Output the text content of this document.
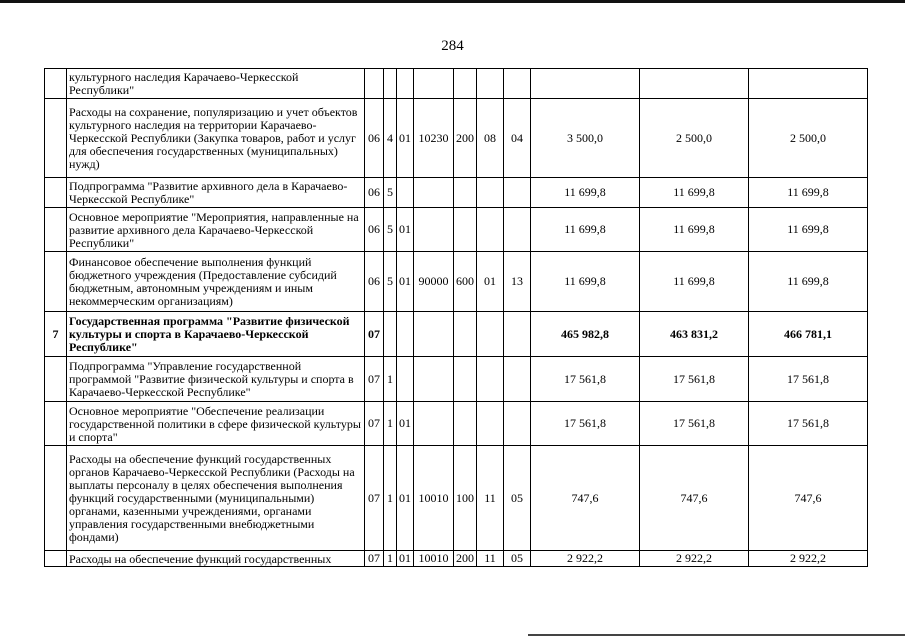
284
	культурного наследия Карачаево-Черкесской Республики"										
	Расходы на сохранение, популяризацию и учет объектов культурного наследия на территории Карачаево-Черкесской Республики (Закупка товаров, работ и услуг для обеспечения государственных (муниципальных) нужд)	06	4	01	10230	200	08	04	3 500,0	2 500,0	2 500,0
	Подпрограмма "Развитие архивного дела в Карачаево-Черкесской Республике"	06	5						11 699,8	11 699,8	11 699,8
	Основное мероприятие "Мероприятия, направленные на развитие архивного дела Карачаево-Черкесской Республики"	06	5	01					11 699,8	11 699,8	11 699,8
	Финансовое обеспечение выполнения функций бюджетного учреждения (Предоставление субсидий бюджетным, автономным учреждениям и иным некоммерческим организациям)	06	5	01	90000	600	01	13	11 699,8	11 699,8	11 699,8
7	Государственная программа "Развитие физической культуры и спорта в Карачаево-Черкесской Республике"	07							465 982,8	463 831,2	466 781,1
	Подпрограмма "Управление государственной программой "Развитие физической культуры и спорта в Карачаево-Черкесской Республике"	07	1						17 561,8	17 561,8	17 561,8
	Основное мероприятие "Обеспечение реализации государственной политики в сфере физической культуры и спорта"	07	1	01					17 561,8	17 561,8	17 561,8
	Расходы на обеспечение функций государственных органов Карачаево-Черкесской Республики (Расходы на выплаты персоналу в целях обеспечения выполнения функций государственными (муниципальными) органами, казенными учреждениями, органами управления государственными внебюджетными фондами)	07	1	01	10010	100	11	05	747,6	747,6	747,6
	Расходы на обеспечение функций государственных	07	1	01	10010	200	11	05	2 922,2	2 922,2	2 922,2
